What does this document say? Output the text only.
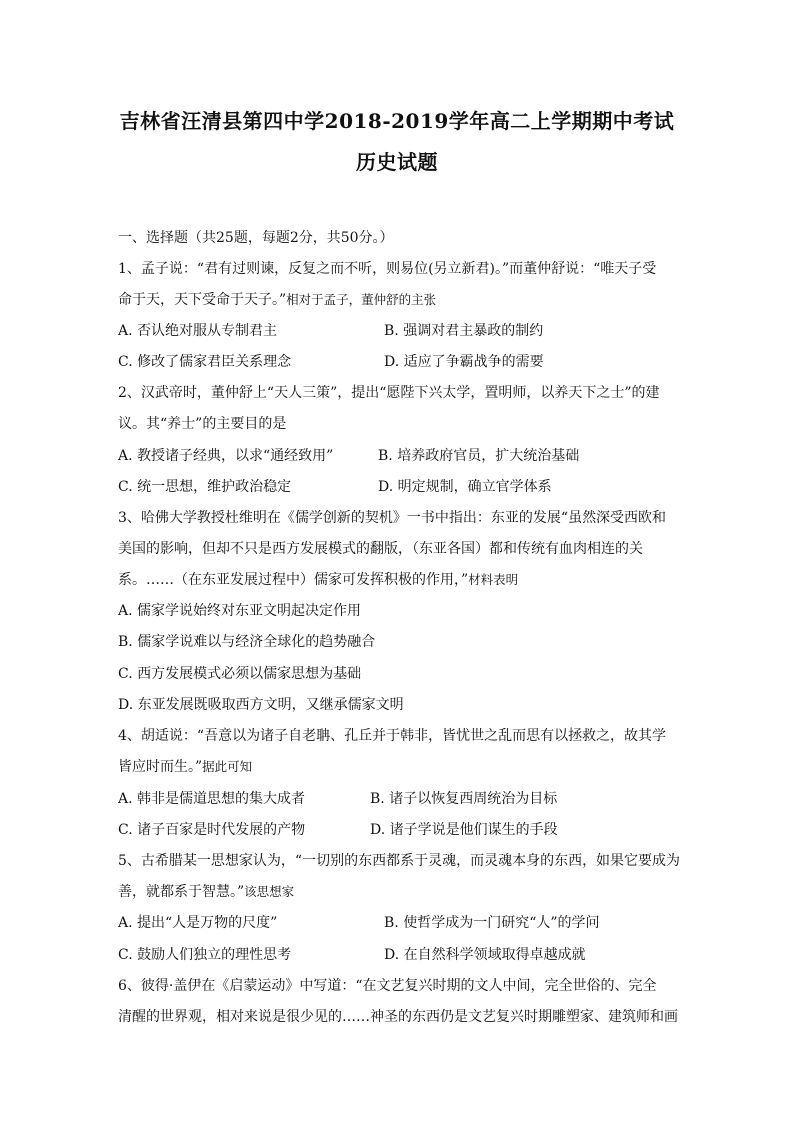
吉林省汪清县第四中学2018-2019学年高二上学期期中考试
历史试题
一、选择题（共25题，每题2分，共50分。）
1、孟子说：“君有过则谏，反复之而不听，则易位(另立新君)。”而董仲舒说：“唯天子受
命于天，天下受命于天子。”相对于孟子，董仲舒的主张
A. 否认绝对服从专制君主	B. 强调对君主暴政的制约
C. 修改了儒家君臣关系理念	D. 适应了争霸战争的需要
2、汉武帝时，董仲舒上“天人三策”，提出“愿陛下兴太学，置明师，以养天下之士”的建
议。其“养士”的主要目的是
A. 教授诸子经典，以求“通经致用”	B. 培养政府官员，扩大统治基础
C. 统一思想，维护政治稳定	D. 明定规制，确立官学体系
3、哈佛大学教授杜维明在《儒学创新的契机》一书中指出：东亚的发展“虽然深受西欧和
美国的影响，但却不只是西方发展模式的翻版，（东亚各国）都和传统有血肉相连的关
系。……（在东亚发展过程中）儒家可发挥积极的作用，”材料表明
A. 儒家学说始终对东亚文明起决定作用
B. 儒家学说难以与经济全球化的趋势融合
C. 西方发展模式必须以儒家思想为基础
D. 东亚发展既吸取西方文明，又继承儒家文明
4、胡适说：“吾意以为诸子自老聃、孔丘并于韩非，皆忧世之乱而思有以拯救之，故其学
皆应时而生。”据此可知
A. 韩非是儒道思想的集大成者	B. 诸子以恢复西周统治为目标
C. 诸子百家是时代发展的产物	D. 诸子学说是他们谋生的手段
5、古希腊某一思想家认为，“一切别的东西都系于灵魂，而灵魂本身的东西，如果它要成为
善，就都系于智慧。”该思想家
A. 提出“人是万物的尺度”	B. 使哲学成为一门研究“人”的学问
C. 鼓励人们独立的理性思考	D. 在自然科学领域取得卓越成就
6、彼得·盖伊在《启蒙运动》中写道：“在文艺复兴时期的文人中间，完全世俗的、完全
清醒的世界观，相对来说是很少见的……神圣的东西仍是文艺复兴时期雕塑家、建筑师和画
